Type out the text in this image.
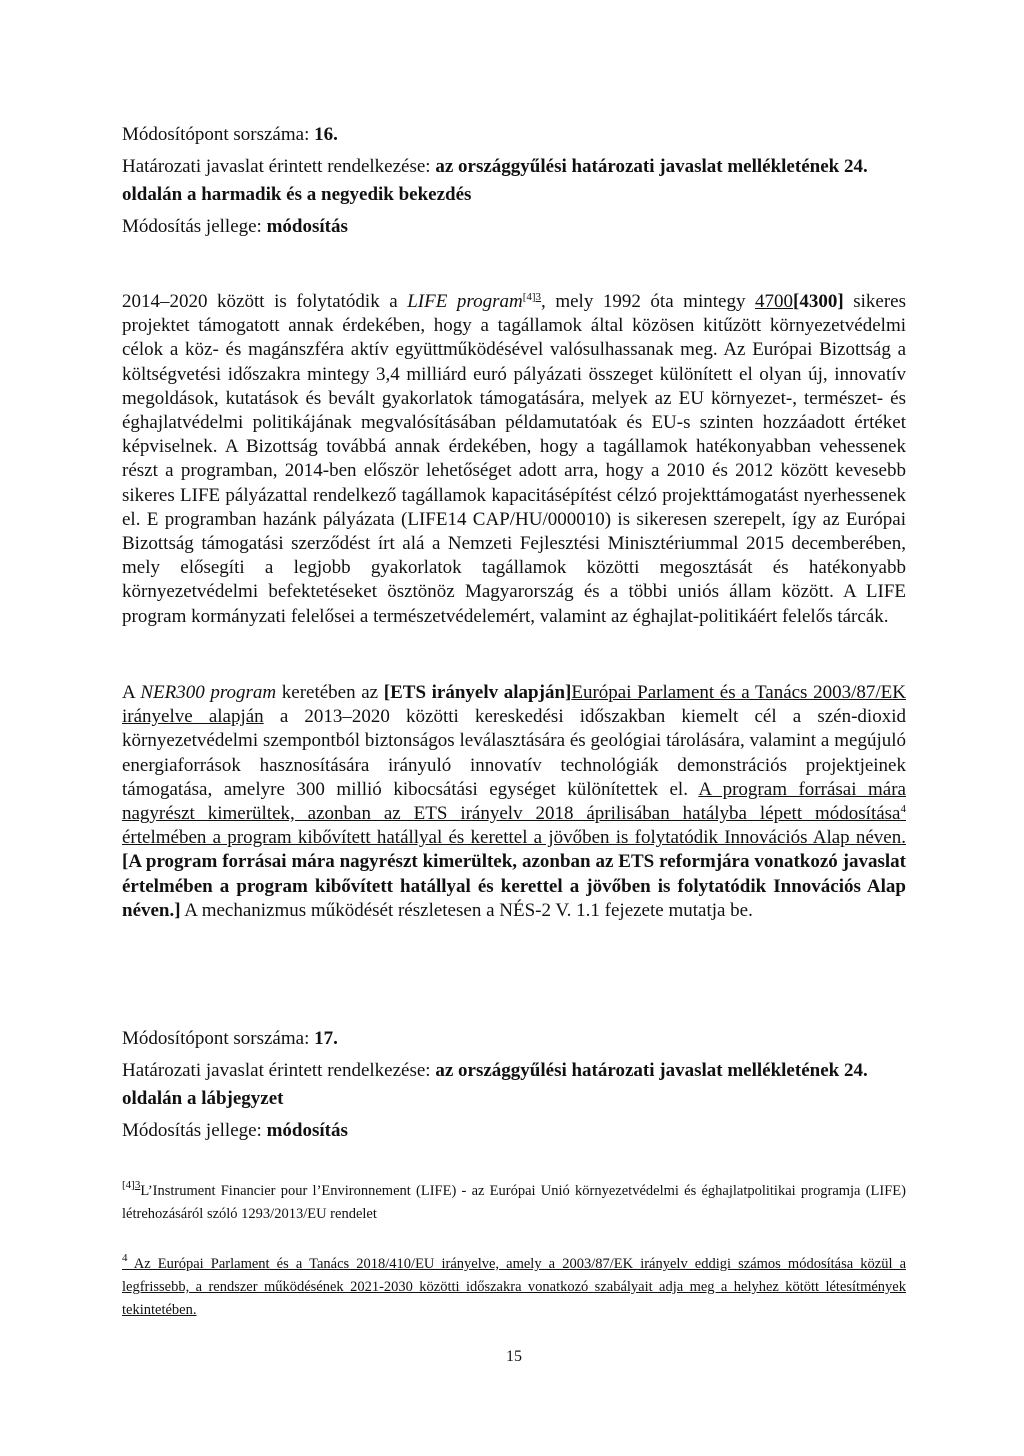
Módosítópont sorszáma: 16.
Határozati javaslat érintett rendelkezése: az országgyűlési határozati javaslat mellékletének 24. oldalán a harmadik és a negyedik bekezdés
Módosítás jellege: módosítás
2014–2020 között is folytatódik a LIFE program$^{[4]3}$, mely 1992 óta mintegy 4700[4300] sikeres projektet támogatott annak érdekében, hogy a tagállamok által közösen kitűzött környezetvédelmi célok a köz- és magánszféra aktív együttműködésével valósulhassanak meg. Az Európai Bizottság a költségvetési időszakra mintegy 3,4 milliárd euró pályázati összeget különített el olyan új, innovatív megoldások, kutatások és bevált gyakorlatok támogatására, melyek az EU környezet-, természet- és éghajlatvédelmi politikájának megvalósításában példamutatóak és EU-s szinten hozzáadott értéket képviselnek. A Bizottság továbbá annak érdekében, hogy a tagállamok hatékonyabban vehessenek részt a programban, 2014-ben először lehetőséget adott arra, hogy a 2010 és 2012 között kevesebb sikeres LIFE pályázattal rendelkező tagállamok kapacitásépítést célzó projekttámogatást nyerhessenek el. E programban hazánk pályázata (LIFE14 CAP/HU/000010) is sikeresen szerepelt, így az Európai Bizottság támogatási szerződést írt alá a Nemzeti Fejlesztési Minisztériummal 2015 decemberében, mely elősegíti a legjobb gyakorlatok tagállamok közötti megosztását és hatékonyabb környezetvédelmi befektetéseket ösztönöz Magyarország és a többi uniós állam között. A LIFE program kormányzati felelősei a természetvédelemért, valamint az éghajlat-politikáért felelős tárcák.
A NER300 program keretében az [ETS irányelv alapján]Európai Parlament és a Tanács 2003/87/EK irányelve alapján a 2013–2020 közötti kereskedési időszakban kiemelt cél a szén-dioxid környezetvédelmi szempontból biztonságos leválasztására és geológiai tárolására, valamint a megújuló energiaforrások hasznosítására irányuló innovatív technológiák demonstrációs projektjeinek támogatása, amelyre 300 millió kibocsátási egységet különítettek el. A program forrásai mára nagyrészt kimerültek, azonban az ETS irányelv 2018 áprilisában hatályba lépett módosítása$^4$ értelmében a program kibővített hatállyal és kerettel a jövőben is folytatódik Innovációs Alap néven. [A program forrásai mára nagyrészt kimerültek, azonban az ETS reformjára vonatkozó javaslat értelmében a program kibővített hatállyal és kerettel a jövőben is folytatódik Innovációs Alap néven.] A mechanizmus működését részletesen a NÉS-2 V. 1.1 fejezete mutatja be.
Módosítópont sorszáma: 17.
Határozati javaslat érintett rendelkezése: az országgyűlési határozati javaslat mellékletének 24. oldalán a lábjegyzet
Módosítás jellege: módosítás
$^{[4]3}$L’Instrument Financier pour l’Environnement (LIFE) - az Európai Unió környezetvédelmi és éghajlatpolitikai programja (LIFE) létrehozásáról szóló 1293/2013/EU rendelet
$^4$ Az Európai Parlament és a Tanács 2018/410/EU irányelve, amely a 2003/87/EK irányelv eddigi számos módosítása közül a legfrissebb, a rendszer működésének 2021-2030 közötti időszakra vonatkozó szabályait adja meg a helyhez kötött létesítmények tekintetében.
15
